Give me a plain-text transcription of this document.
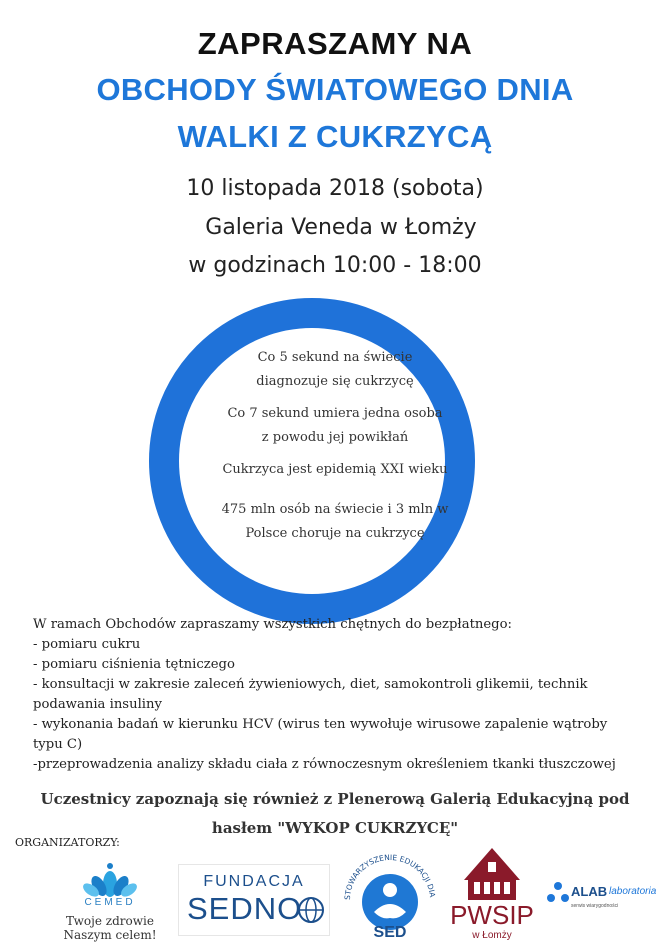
ZAPRASZAMY NA
OBCHODY ŚWIATOWEGO DNIA
WALKI Z CUKRZYCĄ
10 listopada 2018 (sobota)
Galeria Veneda w Łomży
w godzinach 10:00 - 18:00
Co 5 sekund na świecie
diagnozuje się cukrzycę
Co 7 sekund umiera jedna osoba
z powodu jej powikłań
Cukrzyca jest epidemią XXI wieku
475 mln osób na świecie i 3 mln w
Polsce choruje na cukrzycę
W ramach Obchodów zapraszamy wszystkich chętnych do bezpłatnego:
- pomiaru cukru
- pomiaru ciśnienia tętniczego
- konsultacji w zakresie zaleceń żywieniowych, diet, samokontroli glikemii, technik
podawania insuliny
- wykonania badań w kierunku HCV (wirus ten wywołuje wirusowe zapalenie wątroby
typu C)
-przeprowadzenia analizy składu ciała z równoczesnym określeniem tkanki tłuszczowej
Uczestnicy zapoznają się również z Plenerową Galerią Edukacyjną pod
hasłem "WYKOP CUKRZYCĘ"
ORGANIZATORZY:
CEMED
Twoje zdrowie
Naszym celem!
FUNDACJA
SEDNO	STOWARZYSZENIE EDUKACJI DIA
SED
PWSIP
w Łomży
ALAB laboratoria
serwis wiarygodności
